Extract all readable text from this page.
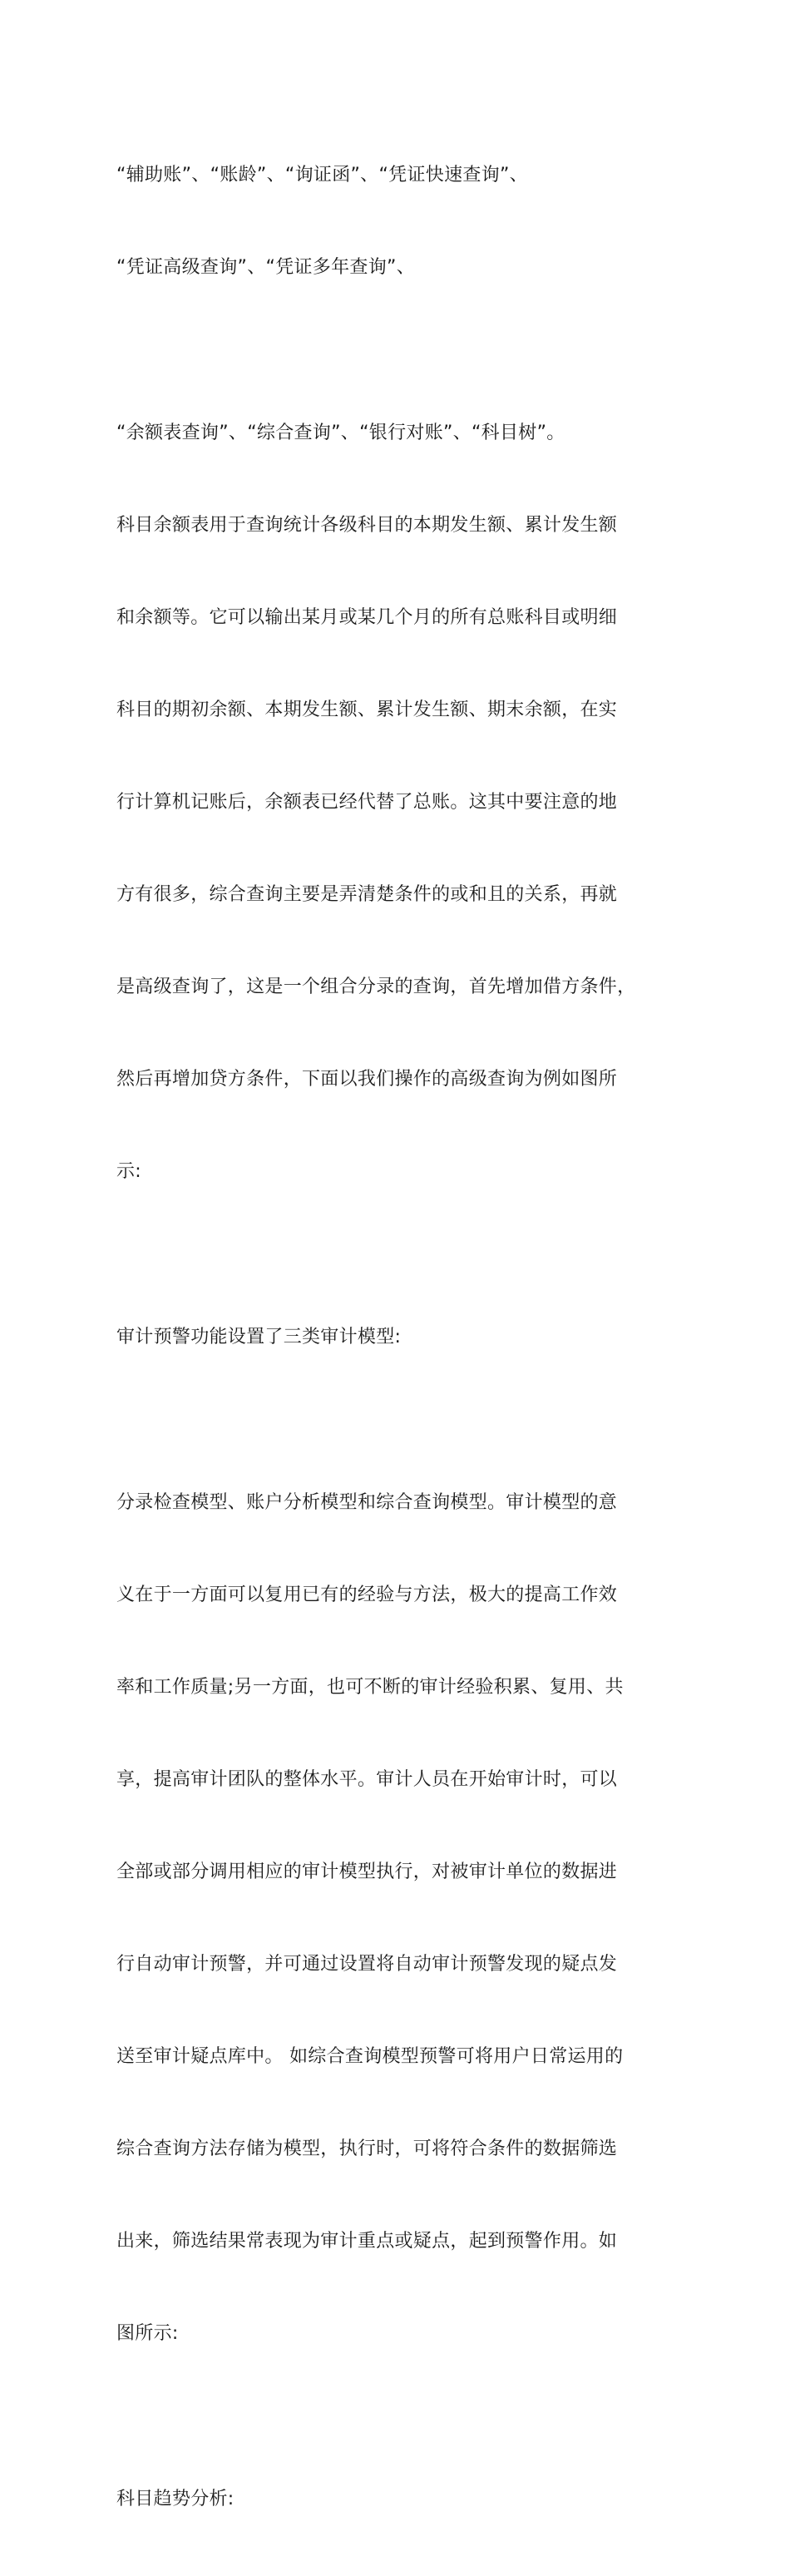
“辅助账”、“账龄”、“询证函”、“凭证快速查询”、

“凭证高级查询”、“凭证多年查询”、

“余额表查询”、“综合查询”、“银行对账”、“科目树”。

科目余额表用于查询统计各级科目的本期发生额、累计发生额

和余额等。它可以输出某月或某几个月的所有总账科目或明细

科目的期初余额、本期发生额、累计发生额、期末余额，在实

行计算机记账后，余额表已经代替了总账。这其中要注意的地

方有很多，综合查询主要是弄清楚条件的或和且的关系，再就

是高级查询了，这是一个组合分录的查询，首先增加借方条件，

然后再增加贷方条件，下面以我们操作的高级查询为例如图所

示:

审计预警功能设置了三类审计模型:

分录检查模型、账户分析模型和综合查询模型。审计模型的意

义在于一方面可以复用已有的经验与方法，极大的提高工作效

率和工作质量;另一方面，也可不断的审计经验积累、复用、共

享，提高审计团队的整体水平。审计人员在开始审计时，可以

全部或部分调用相应的审计模型执行，对被审计单位的数据进

行自动审计预警，并可通过设置将自动审计预警发现的疑点发

送至审计疑点库中。 如综合查询模型预警可将用户日常运用的

综合查询方法存储为模型，执行时，可将符合条件的数据筛选

出来，筛选结果常表现为审计重点或疑点，起到预警作用。如

图所示:

科目趋势分析:
